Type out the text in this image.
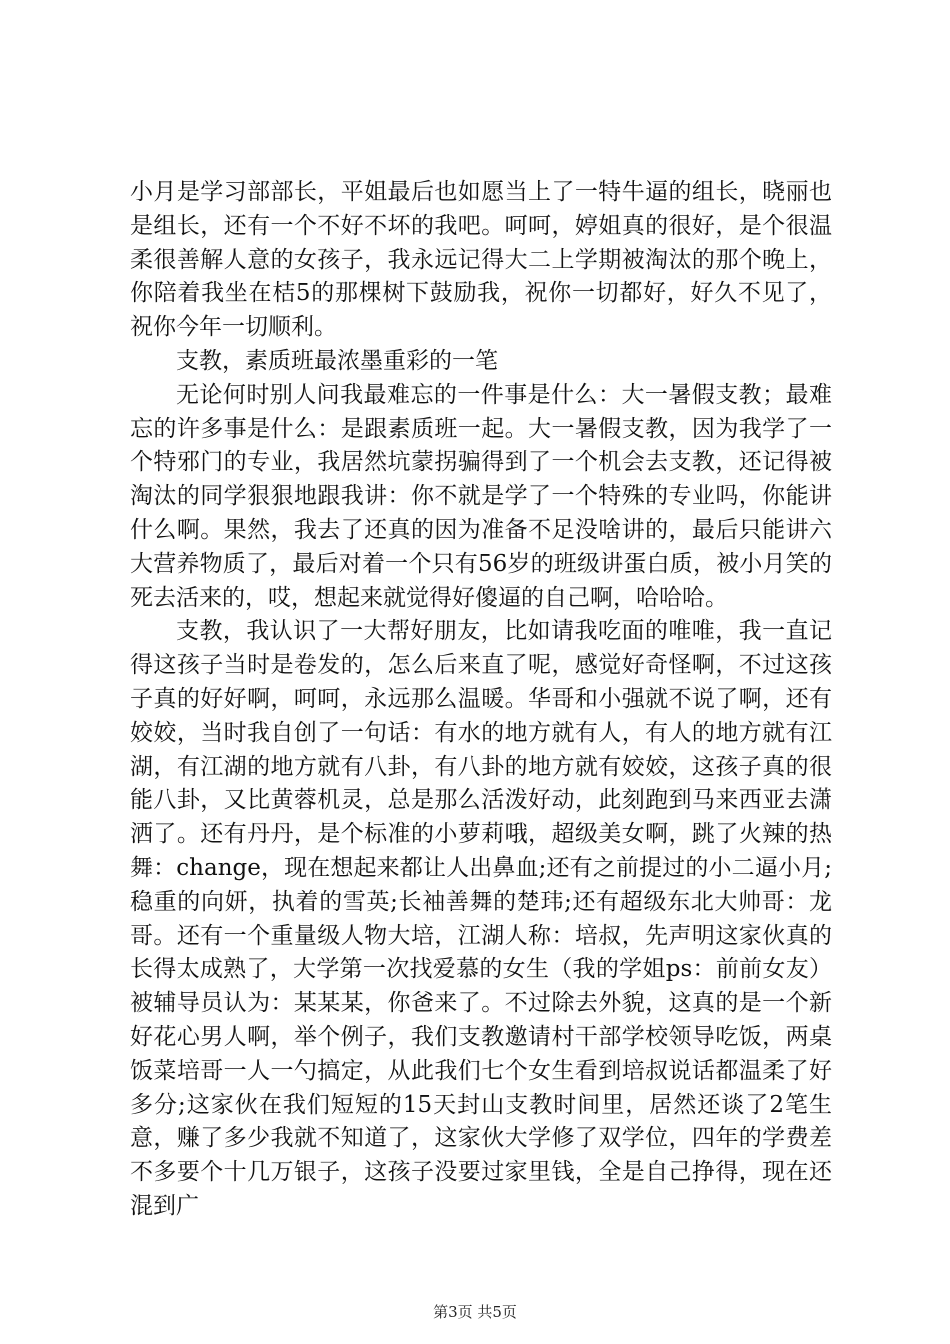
小月是学习部部长，平姐最后也如愿当上了一特牛逼的组长，晓丽也是组长，还有一个不好不坏的我吧。呵呵，婷姐真的很好，是个很温柔很善解人意的女孩子，我永远记得大二上学期被淘汰的那个晚上，你陪着我坐在桔5的那棵树下鼓励我，祝你一切都好，好久不见了，祝你今年一切顺利。

支教，素质班最浓墨重彩的一笔

无论何时别人问我最难忘的一件事是什么：大一暑假支教；最难忘的许多事是什么：是跟素质班一起。大一暑假支教，因为我学了一个特邪门的专业，我居然坑蒙拐骗得到了一个机会去支教，还记得被淘汰的同学狠狠地跟我讲：你不就是学了一个特殊的专业吗，你能讲什么啊。果然，我去了还真的因为准备不足没啥讲的，最后只能讲六大营养物质了，最后对着一个只有56岁的班级讲蛋白质，被小月笑的死去活来的，哎，想起来就觉得好傻逼的自己啊，哈哈哈。

支教，我认识了一大帮好朋友，比如请我吃面的唯唯，我一直记得这孩子当时是卷发的，怎么后来直了呢，感觉好奇怪啊，不过这孩子真的好好啊，呵呵，永远那么温暖。华哥和小强就不说了啊，还有姣姣，当时我自创了一句话：有水的地方就有人，有人的地方就有江湖，有江湖的地方就有八卦，有八卦的地方就有姣姣，这孩子真的很能八卦，又比黄蓉机灵，总是那么活泼好动，此刻跑到马来西亚去潇洒了。还有丹丹，是个标准的小萝莉哦，超级美女啊，跳了火辣的热舞：change，现在想起来都让人出鼻血;还有之前提过的小二逼小月;稳重的向妍，执着的雪英;长袖善舞的楚玮;还有超级东北大帅哥：龙哥。还有一个重量级人物大培，江湖人称：培叔，先声明这家伙真的长得太成熟了，大学第一次找爱慕的女生（我的学姐ps：前前女友）被辅导员认为：某某某，你爸来了。不过除去外貌，这真的是一个新好花心男人啊，举个例子，我们支教邀请村干部学校领导吃饭，两桌饭菜培哥一人一勺搞定，从此我们七个女生看到培叔说话都温柔了好多分;这家伙在我们短短的15天封山支教时间里，居然还谈了2笔生意，赚了多少我就不知道了，这家伙大学修了双学位，四年的学费差不多要个十几万银子，这孩子没要过家里钱，全是自己挣得，现在还混到广

第3页 共5页
